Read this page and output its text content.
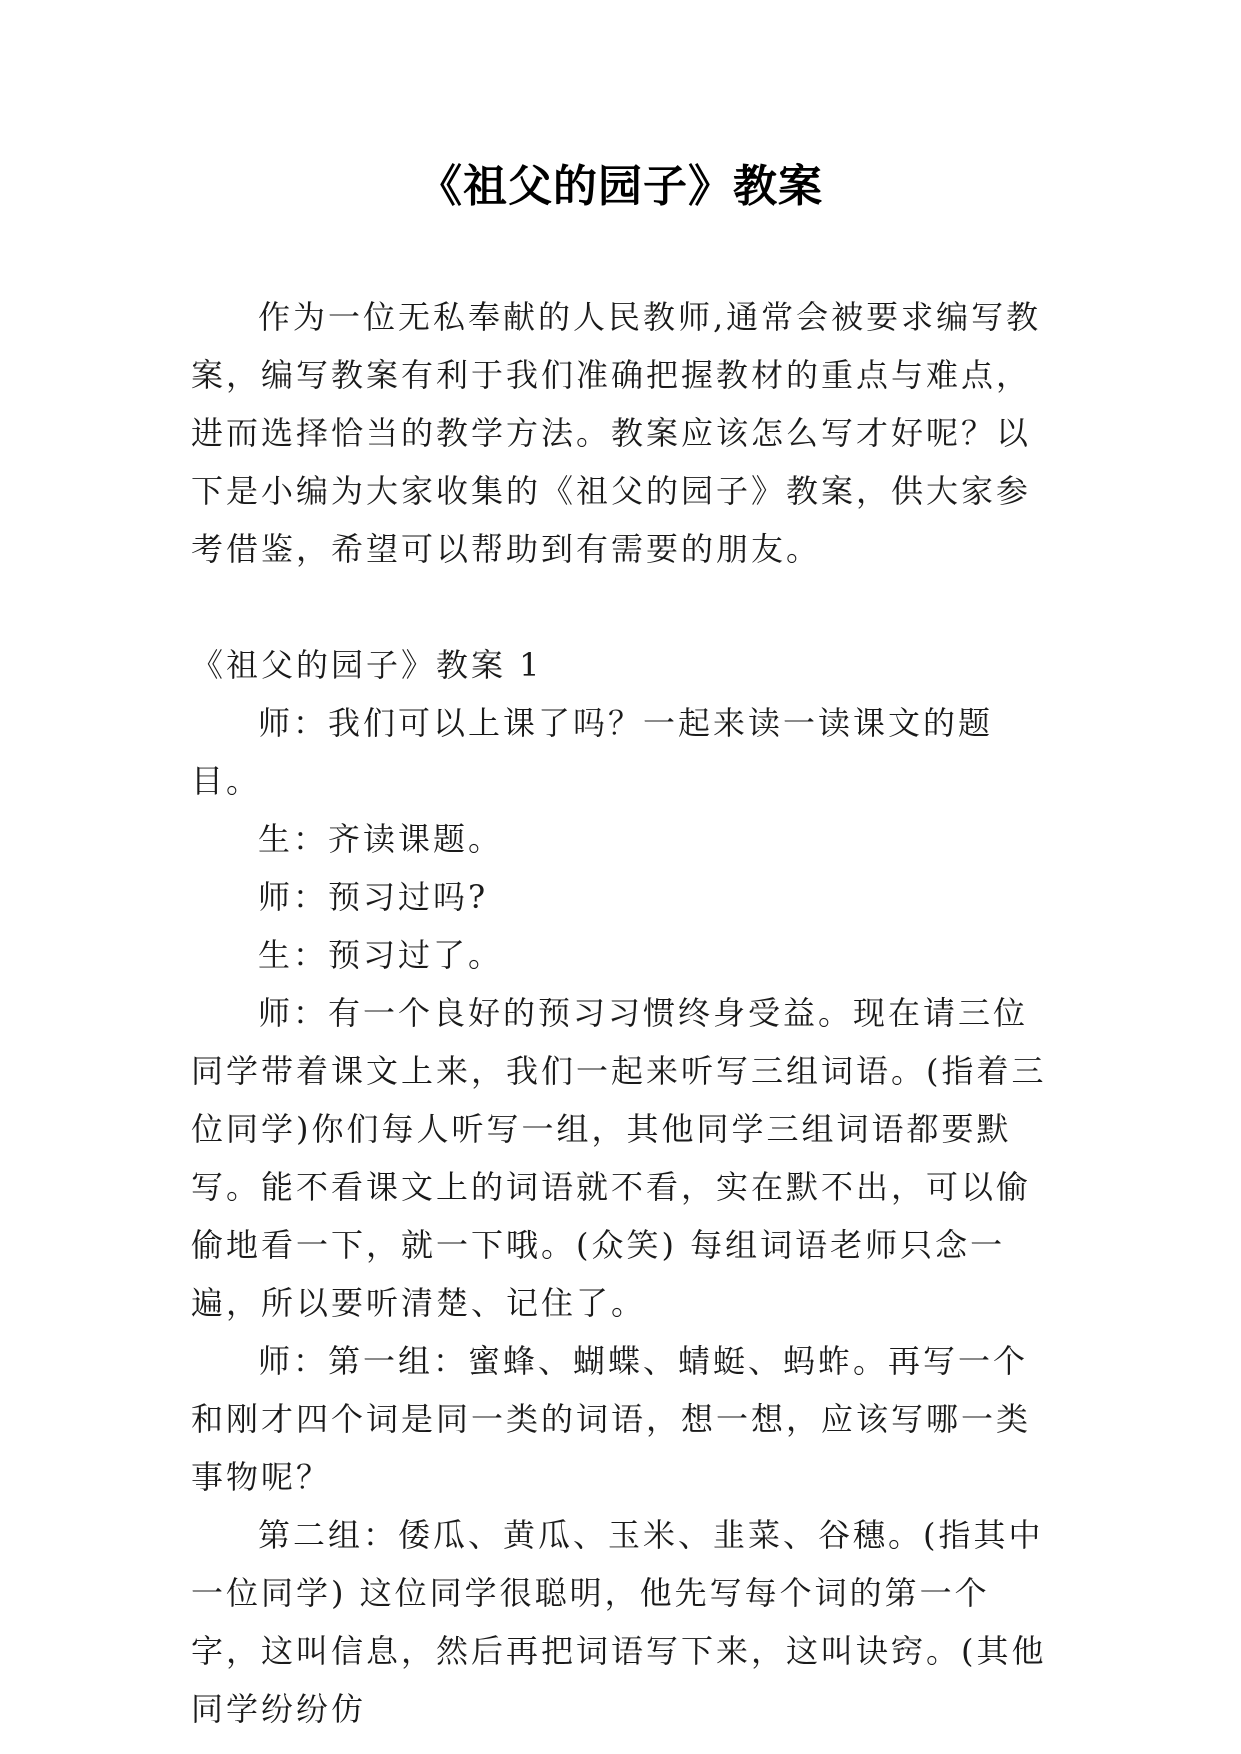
《祖父的园子》教案

作为一位无私奉献的人民教师,通常会被要求编写教案，编写教案有利于我们准确把握教材的重点与难点，进而选择恰当的教学方法。教案应该怎么写才好呢？以下是小编为大家收集的《祖父的园子》教案，供大家参考借鉴，希望可以帮助到有需要的朋友。

《祖父的园子》教案 1

师：我们可以上课了吗？一起来读一读课文的题目。

生：齐读课题。

师：预习过吗?

生：预习过了。

师：有一个良好的预习习惯终身受益。现在请三位同学带着课文上来，我们一起来听写三组词语。(指着三位同学)你们每人听写一组，其他同学三组词语都要默写。能不看课文上的词语就不看，实在默不出，可以偷偷地看一下，就一下哦。(众笑) 每组词语老师只念一遍，所以要听清楚、记住了。

师：第一组：蜜蜂、蝴蝶、蜻蜓、蚂蚱。再写一个和刚才四个词是同一类的词语，想一想，应该写哪一类事物呢？

第二组：倭瓜、黄瓜、玉米、韭菜、谷穗。(指其中一位同学) 这位同学很聪明，他先写每个词的第一个字，这叫信息，然后再把词语写下来，这叫诀窍。(其他同学纷纷仿
